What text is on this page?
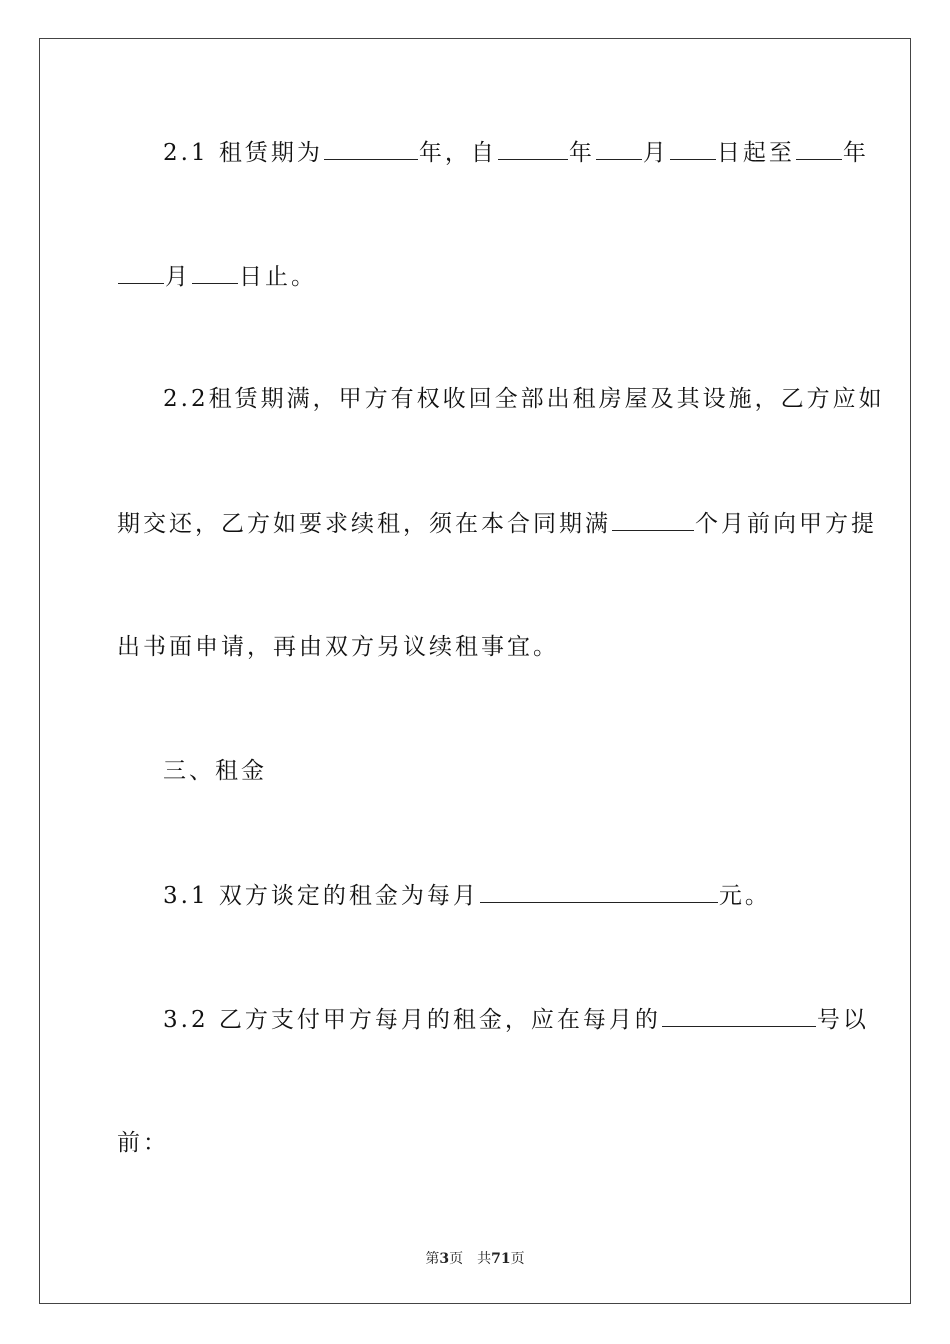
2.1 租赁期为	年，自	年 月 日起至 年
月 日止。
2.2租赁期满，甲方有权收回全部出租房屋及其设施，乙方应如
期交还，乙方如要求续租，须在本合同期满	个月前向甲方提
出书面申请，再由双方另议续租事宜。
三、租金
3.1 双方谈定的租金为每月	元。
3.2 乙方支付甲方每月的租金，应在每月的	号以
前：
第3页　共71页
